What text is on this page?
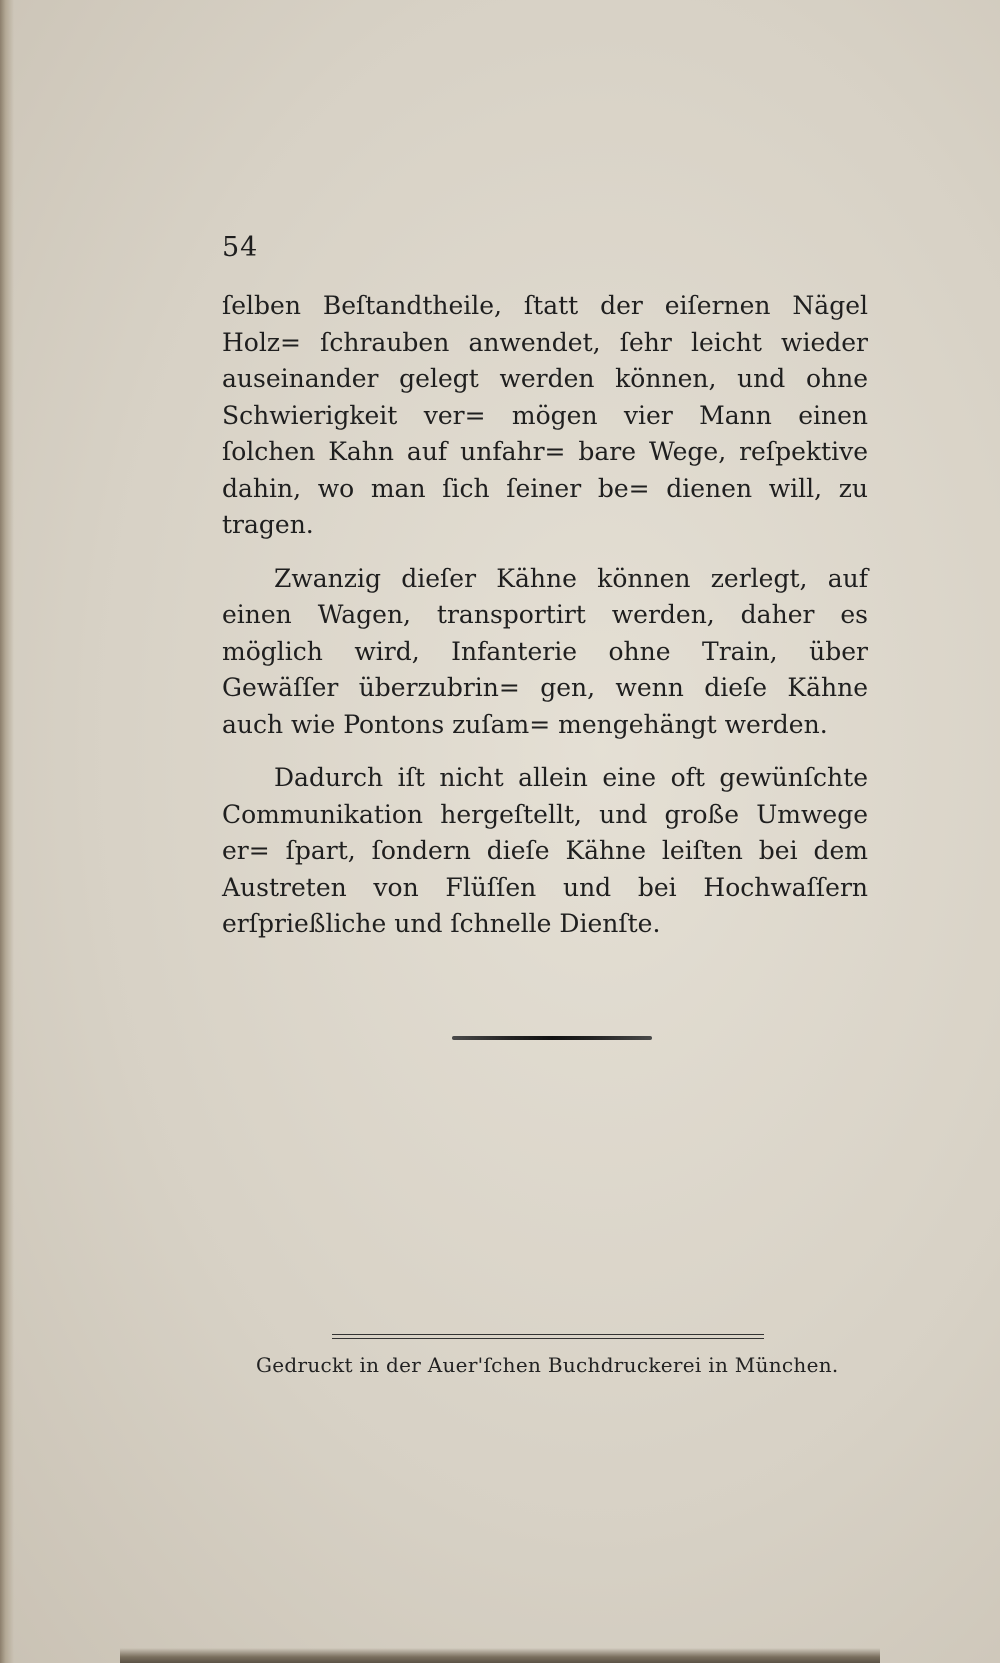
54

ſelben Beſtandtheile, ſtatt der eiſernen Nägel Holz= ſchrauben anwendet, ſehr leicht wieder auseinander gelegt werden können, und ohne Schwierigkeit ver= mögen vier Mann einen ſolchen Kahn auf unfahr= bare Wege, reſpektive dahin, wo man ſich ſeiner be= dienen will, zu tragen.

Zwanzig dieſer Kähne können zerlegt, auf einen Wagen, transportirt werden, daher es möglich wird, Infanterie ohne Train, über Gewäſſer überzubrin= gen, wenn dieſe Kähne auch wie Pontons zuſam= mengehängt werden.

Dadurch iſt nicht allein eine oft gewünſchte Communikation hergeſtellt, und große Umwege er= ſpart, ſondern dieſe Kähne leiſten bei dem Austreten von Flüſſen und bei Hochwaſſern erſprießliche und ſchnelle Dienſte.

Gedruckt in der Auer'ſchen Buchdruckerei in München.
